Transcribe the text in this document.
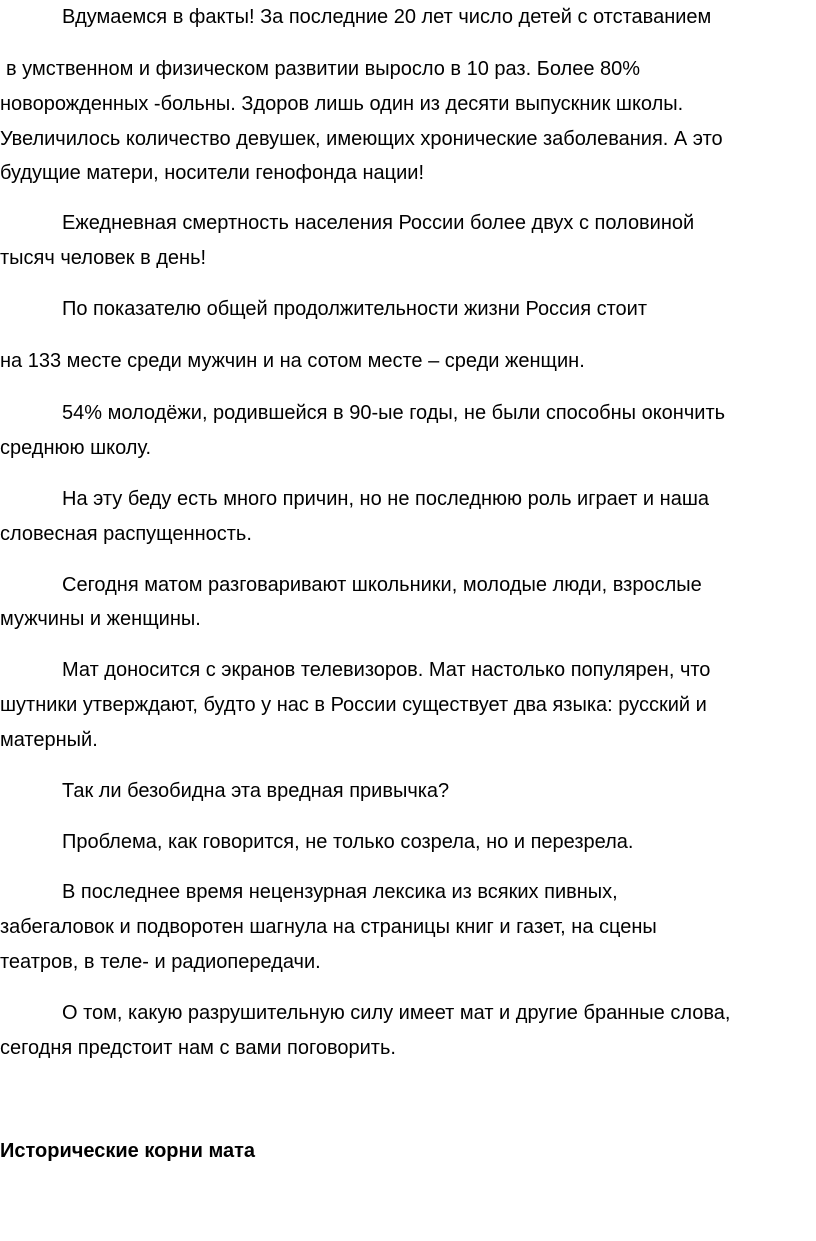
Вдумаемся в факты! За последние 20 лет число детей с отставанием
в умственном и физическом развитии выросло в 10 раз. Более 80%
новорожденных -больны. Здоров лишь один из десяти выпускник школы.
Увеличилось количество девушек, имеющих хронические заболевания. А это
будущие матери, носители генофонда нации!
Ежедневная смертность населения России более двух с половиной
тысяч человек в день!
По показателю общей продолжительности жизни Россия стоит
на 133 месте среди мужчин и на сотом месте – среди женщин.
54% молодёжи, родившейся в 90-ые годы, не были способны окончить
среднюю школу.
На эту беду есть много причин, но не последнюю роль играет и наша
словесная распущенность.
Сегодня матом разговаривают школьники, молодые люди, взрослые
мужчины и женщины.
Мат доносится с экранов телевизоров. Мат настолько популярен, что
шутники утверждают, будто у нас в России существует два языка: русский и
матерный.
Так ли безобидна эта вредная привычка?
Проблема, как говорится, не только созрела, но и перезрела.
В последнее время нецензурная лексика из всяких пивных,
забегаловок и подворотен шагнула на страницы книг и газет, на сцены
театров, в теле- и радиопередачи.
О том, какую разрушительную силу имеет мат и другие бранные слова,
сегодня предстоит нам с вами поговорить.
Исторические корни мата
